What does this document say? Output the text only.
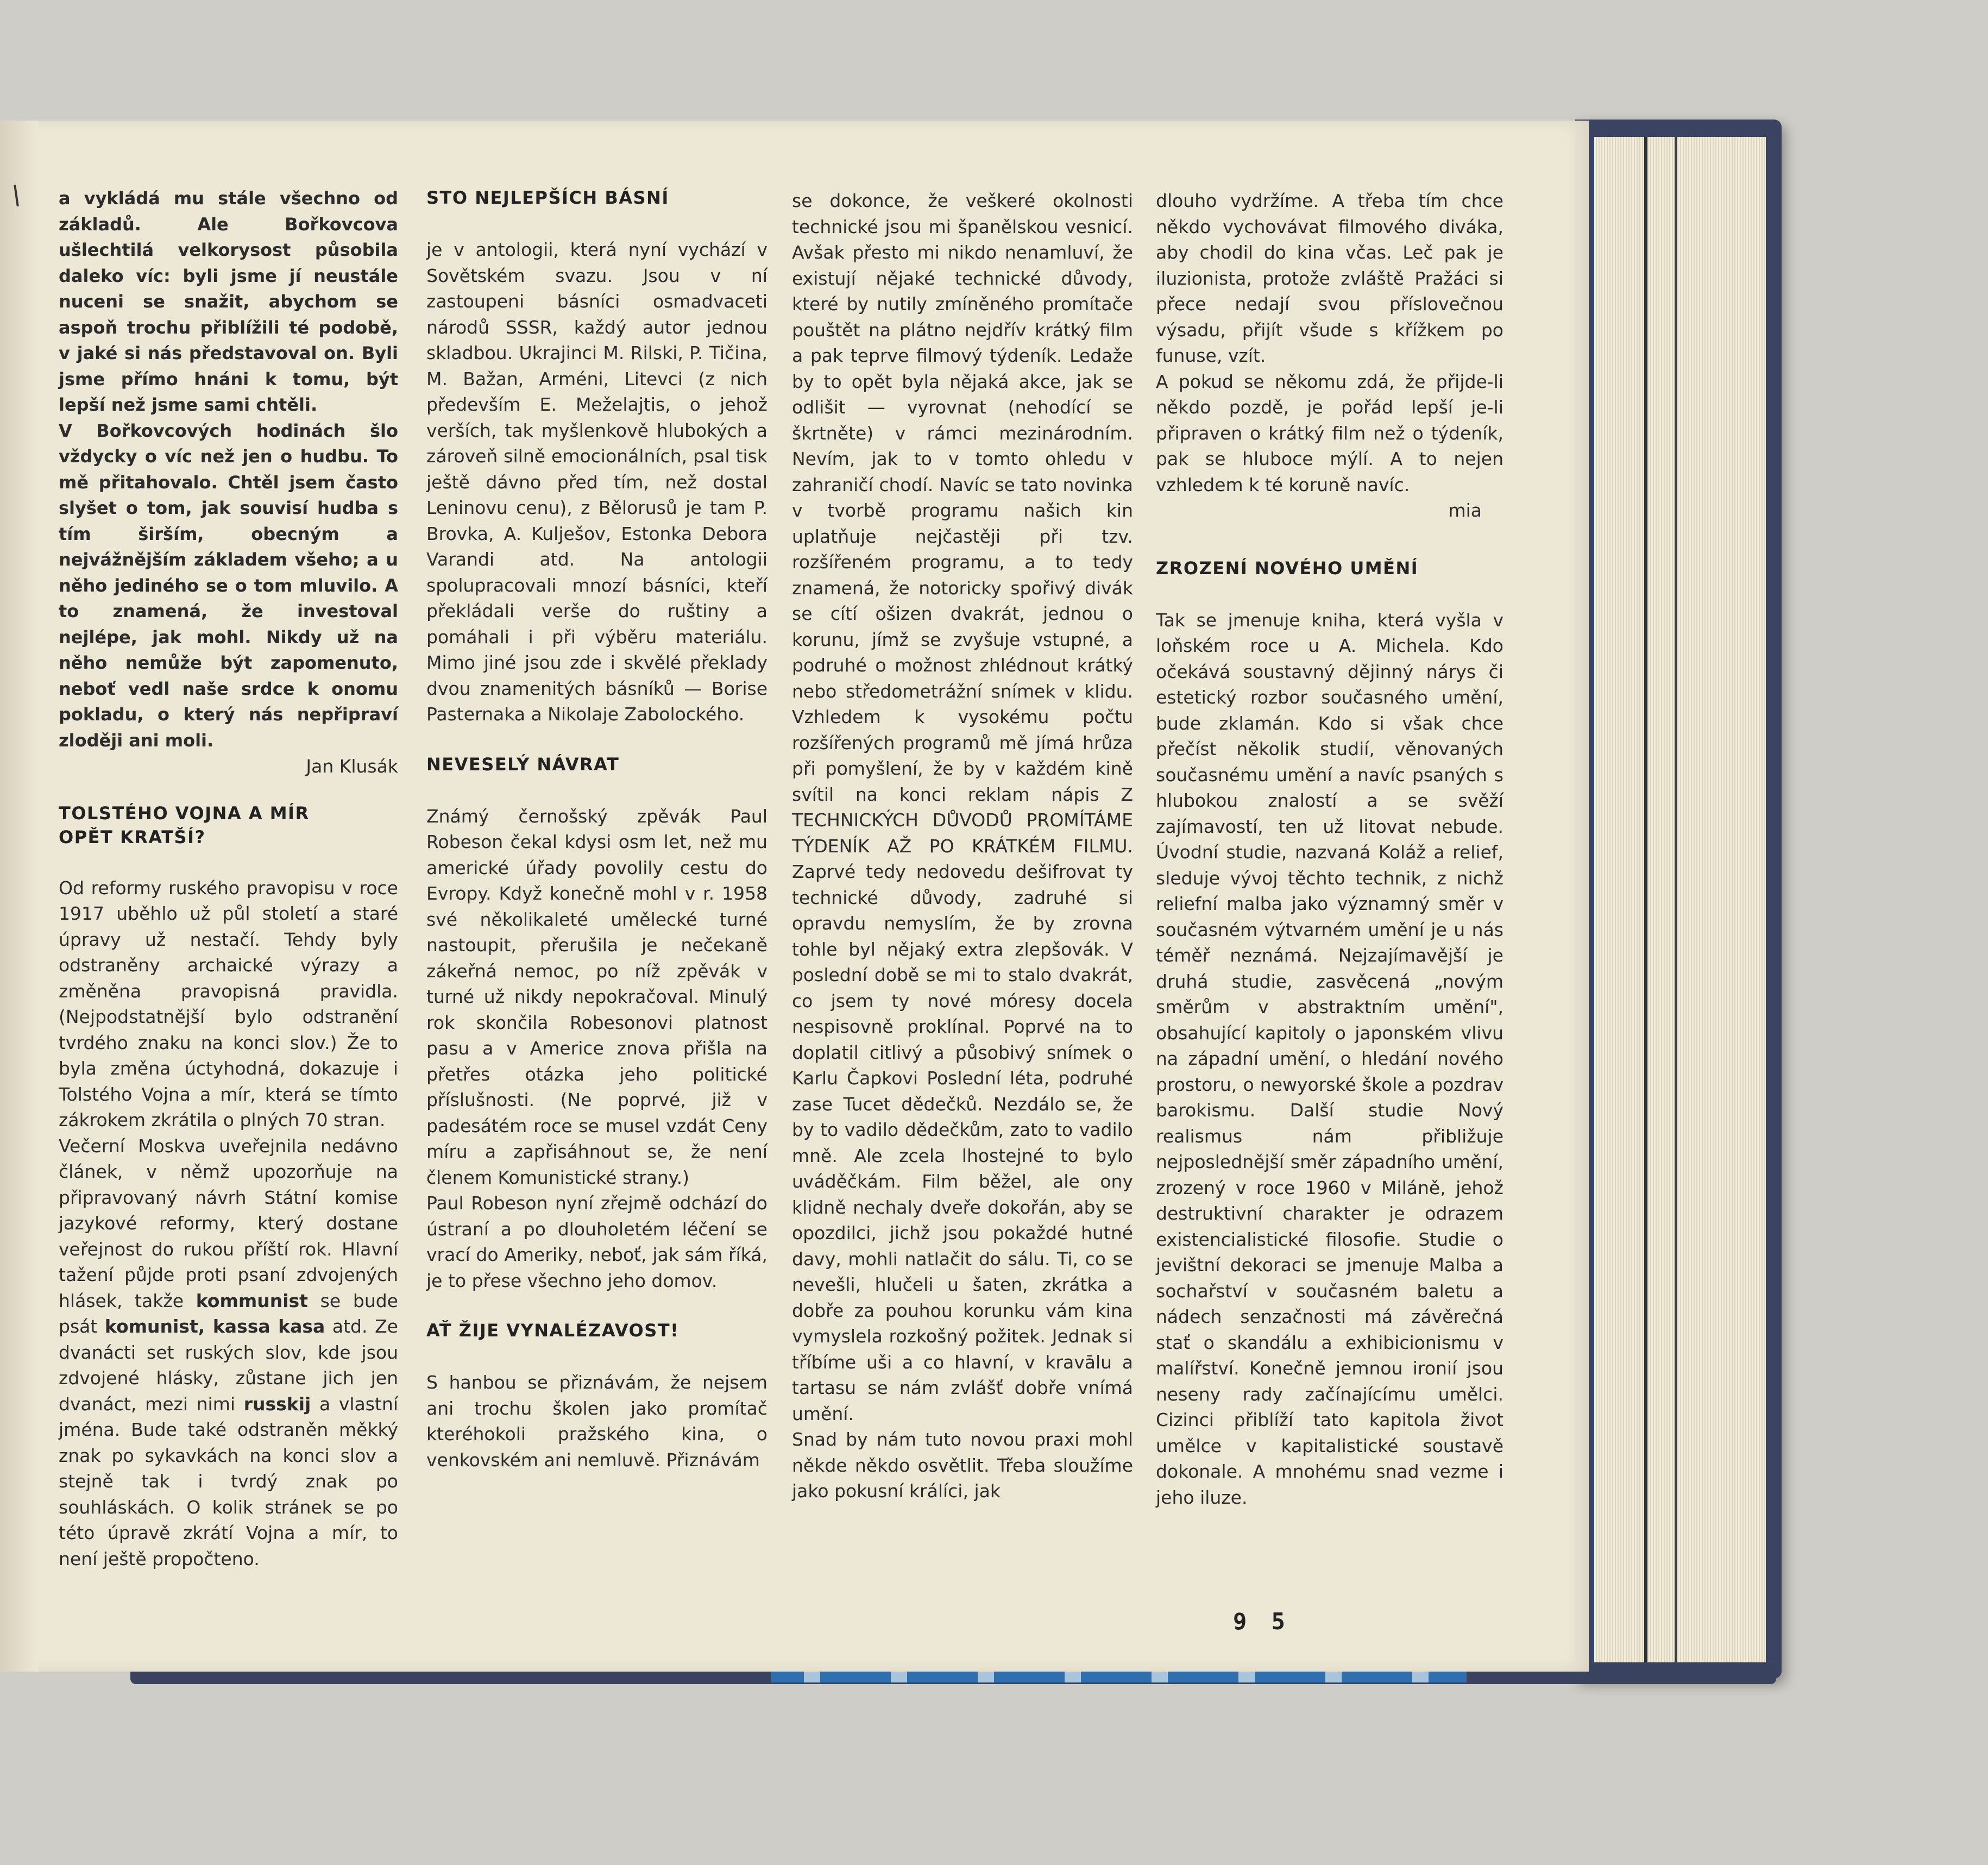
a vykládá mu stále všechno od základů. Ale Bořkovcova ušlechtilá velkorysost působila daleko víc: byli jsme jí neustále nuceni se snažit, abychom se aspoň trochu přiblížili té podobě, v jaké si nás představoval on. Byli jsme přímo hnáni k tomu, být lepší než jsme sami chtěli.

V Bořkovcových hodinách šlo vždycky o víc než jen o hudbu. To mě přitahovalo. Chtěl jsem často slyšet o tom, jak souvisí hudba s tím širším, obecným a nejvážnějším základem všeho; a u něho jediného se o tom mluvilo. A to znamená, že investoval nejlépe, jak mohl. Nikdy už na něho nemůže být zapomenuto, neboť vedl naše srdce k onomu pokladu, o který nás nepřipraví zloději ani moli.

Jan Klusák

TOLSTÉHO VOJNA A MÍR OPĚT KRATŠÍ?

Od reformy ruského pravopisu v roce 1917 uběhlo už půl století a staré úpravy už nestačí. Tehdy byly odstraněny archaické výrazy a změněna pravopisná pravidla. (Nejpodstatnější bylo odstranění tvrdého znaku na konci slov.) Že to byla změna úctyhodná, dokazuje i Tolstého Vojna a mír, která se tímto zákrokem zkrátila o plných 70 stran.

Večerní Moskva uveřejnila nedávno článek, v němž upozorňuje na připravovaný návrh Státní komise jazykové reformy, který dostane veřejnost do rukou příští rok. Hlavní tažení půjde proti psaní zdvojených hlásek, takže kommunist se bude psát komunist, kassa kasa atd. Ze dvanácti set ruských slov, kde jsou zdvojené hlásky, zůstane jich jen dvanáct, mezi nimi russkij a vlastní jména. Bude také odstraněn měkký znak po sykavkách na konci slov a stejně tak i tvrdý znak po souhláskách. O kolik stránek se po této úpravě zkrátí Vojna a mír, to není ještě propočteno.

STO NEJLEPŠÍCH BÁSNÍ

je v antologii, která nyní vychází v Sovětském svazu. Jsou v ní zastoupeni básníci osmadvaceti národů SSSR, každý autor jednou skladbou. Ukrajinci M. Rilski, P. Tičina, M. Bažan, Arméni, Litevci (z nich především E. Meželajtis, o jehož verších, tak myšlenkově hlubokých a zároveň silně emocionálních, psal tisk ještě dávno před tím, než dostal Leninovu cenu), z Bělorusů je tam P. Brovka, A. Kulješov, Estonka Debora Varandi atd. Na antologii spolupracovali mnozí básníci, kteří překládali verše do ruštiny a pomáhali i při výběru materiálu. Mimo jiné jsou zde i skvělé překlady dvou znamenitých básníků — Borise Pasternaka a Nikolaje Zabolockého.

NEVESELÝ NÁVRAT

Známý černošský zpěvák Paul Robeson čekal kdysi osm let, než mu americké úřady povolily cestu do Evropy. Když konečně mohl v r. 1958 své několikaleté umělecké turné nastoupit, přerušila je nečekaně zákeřná nemoc, po níž zpěvák v turné už nikdy nepokračoval. Minulý rok skončila Robesonovi platnost pasu a v Americe znova přišla na přetřes otázka jeho politické příslušnosti. (Ne poprvé, již v padesátém roce se musel vzdát Ceny míru a zapřisáhnout se, že není členem Komunistické strany.)

Paul Robeson nyní zřejmě odchází do ústraní a po dlouholetém léčení se vrací do Ameriky, neboť, jak sám říká, je to přese všechno jeho domov.

AŤ ŽIJE VYNALÉZAVOST!

S hanbou se přiznávám, že nejsem ani trochu školen jako promítač kteréhokoli pražského kina, o venkovském ani nemluvě. Přiznávám

se dokonce, že veškeré okolnosti technické jsou mi španělskou vesnicí. Avšak přesto mi nikdo nenamluví, že existují nějaké technické důvody, které by nutily zmíněného promítače pouštět na plátno nejdřív krátký film a pak teprve filmový týdeník. Ledaže by to opět byla nějaká akce, jak se odlišit — vyrovnat (nehodící se škrtněte) v rámci mezinárodním. Nevím, jak to v tomto ohledu v zahraničí chodí. Navíc se tato novinka v tvorbě programu našich kin uplatňuje nejčastěji při tzv. rozšířeném programu, a to tedy znamená, že notoricky spořivý divák se cítí ošizen dvakrát, jednou o korunu, jímž se zvyšuje vstupné, a podruhé o možnost zhlédnout krátký nebo středometrážní snímek v klidu. Vzhledem k vysokému počtu rozšířených programů mě jímá hrůza při pomyšlení, že by v každém kině svítil na konci reklam nápis Z TECHNICKÝCH DŮVODŮ PROMÍTÁME TÝDENÍK AŽ PO KRÁTKÉM FILMU. Zaprvé tedy nedovedu dešifrovat ty technické důvody, zadruhé si opravdu nemyslím, že by zrovna tohle byl nějaký extra zlepšovák. V poslední době se mi to stalo dvakrát, co jsem ty nové móresy docela nespisovně proklínal. Poprvé na to doplatil citlivý a působivý snímek o Karlu Čapkovi Poslední léta, podruhé zase Tucet dědečků. Nezdálo se, že by to vadilo dědečkům, zato to vadilo mně. Ale zcela lhostejné to bylo uváděčkám. Film běžel, ale ony klidně nechaly dveře dokořán, aby se opozdilci, jichž jsou pokaždé hutné davy, mohli natlačit do sálu. Ti, co se nevešli, hlučeli u šaten, zkrátka a dobře za pouhou korunku vám kina vymyslela rozkošný požitek. Jednak si tříbíme uši a co hlavní, v kravālu a tartasu se nám zvlášť dobře vnímá umění.

Snad by nám tuto novou praxi mohl někde někdo osvětlit. Třeba sloužíme jako pokusní králíci, jak

dlouho vydržíme. A třeba tím chce někdo vychovávat filmového diváka, aby chodil do kina včas. Leč pak je iluzionista, protože zvláště Pražáci si přece nedají svou příslovečnou výsadu, přijít všude s křížkem po funuse, vzít.

A pokud se někomu zdá, že přijde-li někdo pozdě, je pořád lepší je-li připraven o krátký film než o týdeník, pak se hluboce mýlí. A to nejen vzhledem k té koruně navíc.

mia

ZROZENÍ NOVÉHO UMĚNÍ

Tak se jmenuje kniha, která vyšla v loňském roce u A. Michela. Kdo očekává soustavný dějinný nárys či estetický rozbor současného umění, bude zklamán. Kdo si však chce přečíst několik studií, věnovaných současnému umění a navíc psaných s hlubokou znalostí a se svěží zajímavostí, ten už litovat nebude. Úvodní studie, nazvaná Koláž a relief, sleduje vývoj těchto technik, z nichž reliefní malba jako významný směr v současném výtvarném umění je u nás téměř neznámá. Nejzajímavější je druhá studie, zasvěcená „novým směrům v abstraktním umění", obsahující kapitoly o japonském vlivu na západní umění, o hledání nového prostoru, o newyorské škole a pozdrav barokismu. Další studie Nový realismus nám přibližuje nejposlednější směr západního umění, zrozený v roce 1960 v Miláně, jehož destruktivní charakter je odrazem existencialistické filosofie. Studie o jevištní dekoraci se jmenuje Malba a sochařství v současném baletu a nádech senzačnosti má závěrečná stať o skandálu a exhibicionismu v malířství. Konečně jemnou ironií jsou neseny rady začínajícímu umělci. Cizinci přiblíží tato kapitola život umělce v kapitalistické soustavě dokonale. A mnohému snad vezme i jeho iluze.

9 5
